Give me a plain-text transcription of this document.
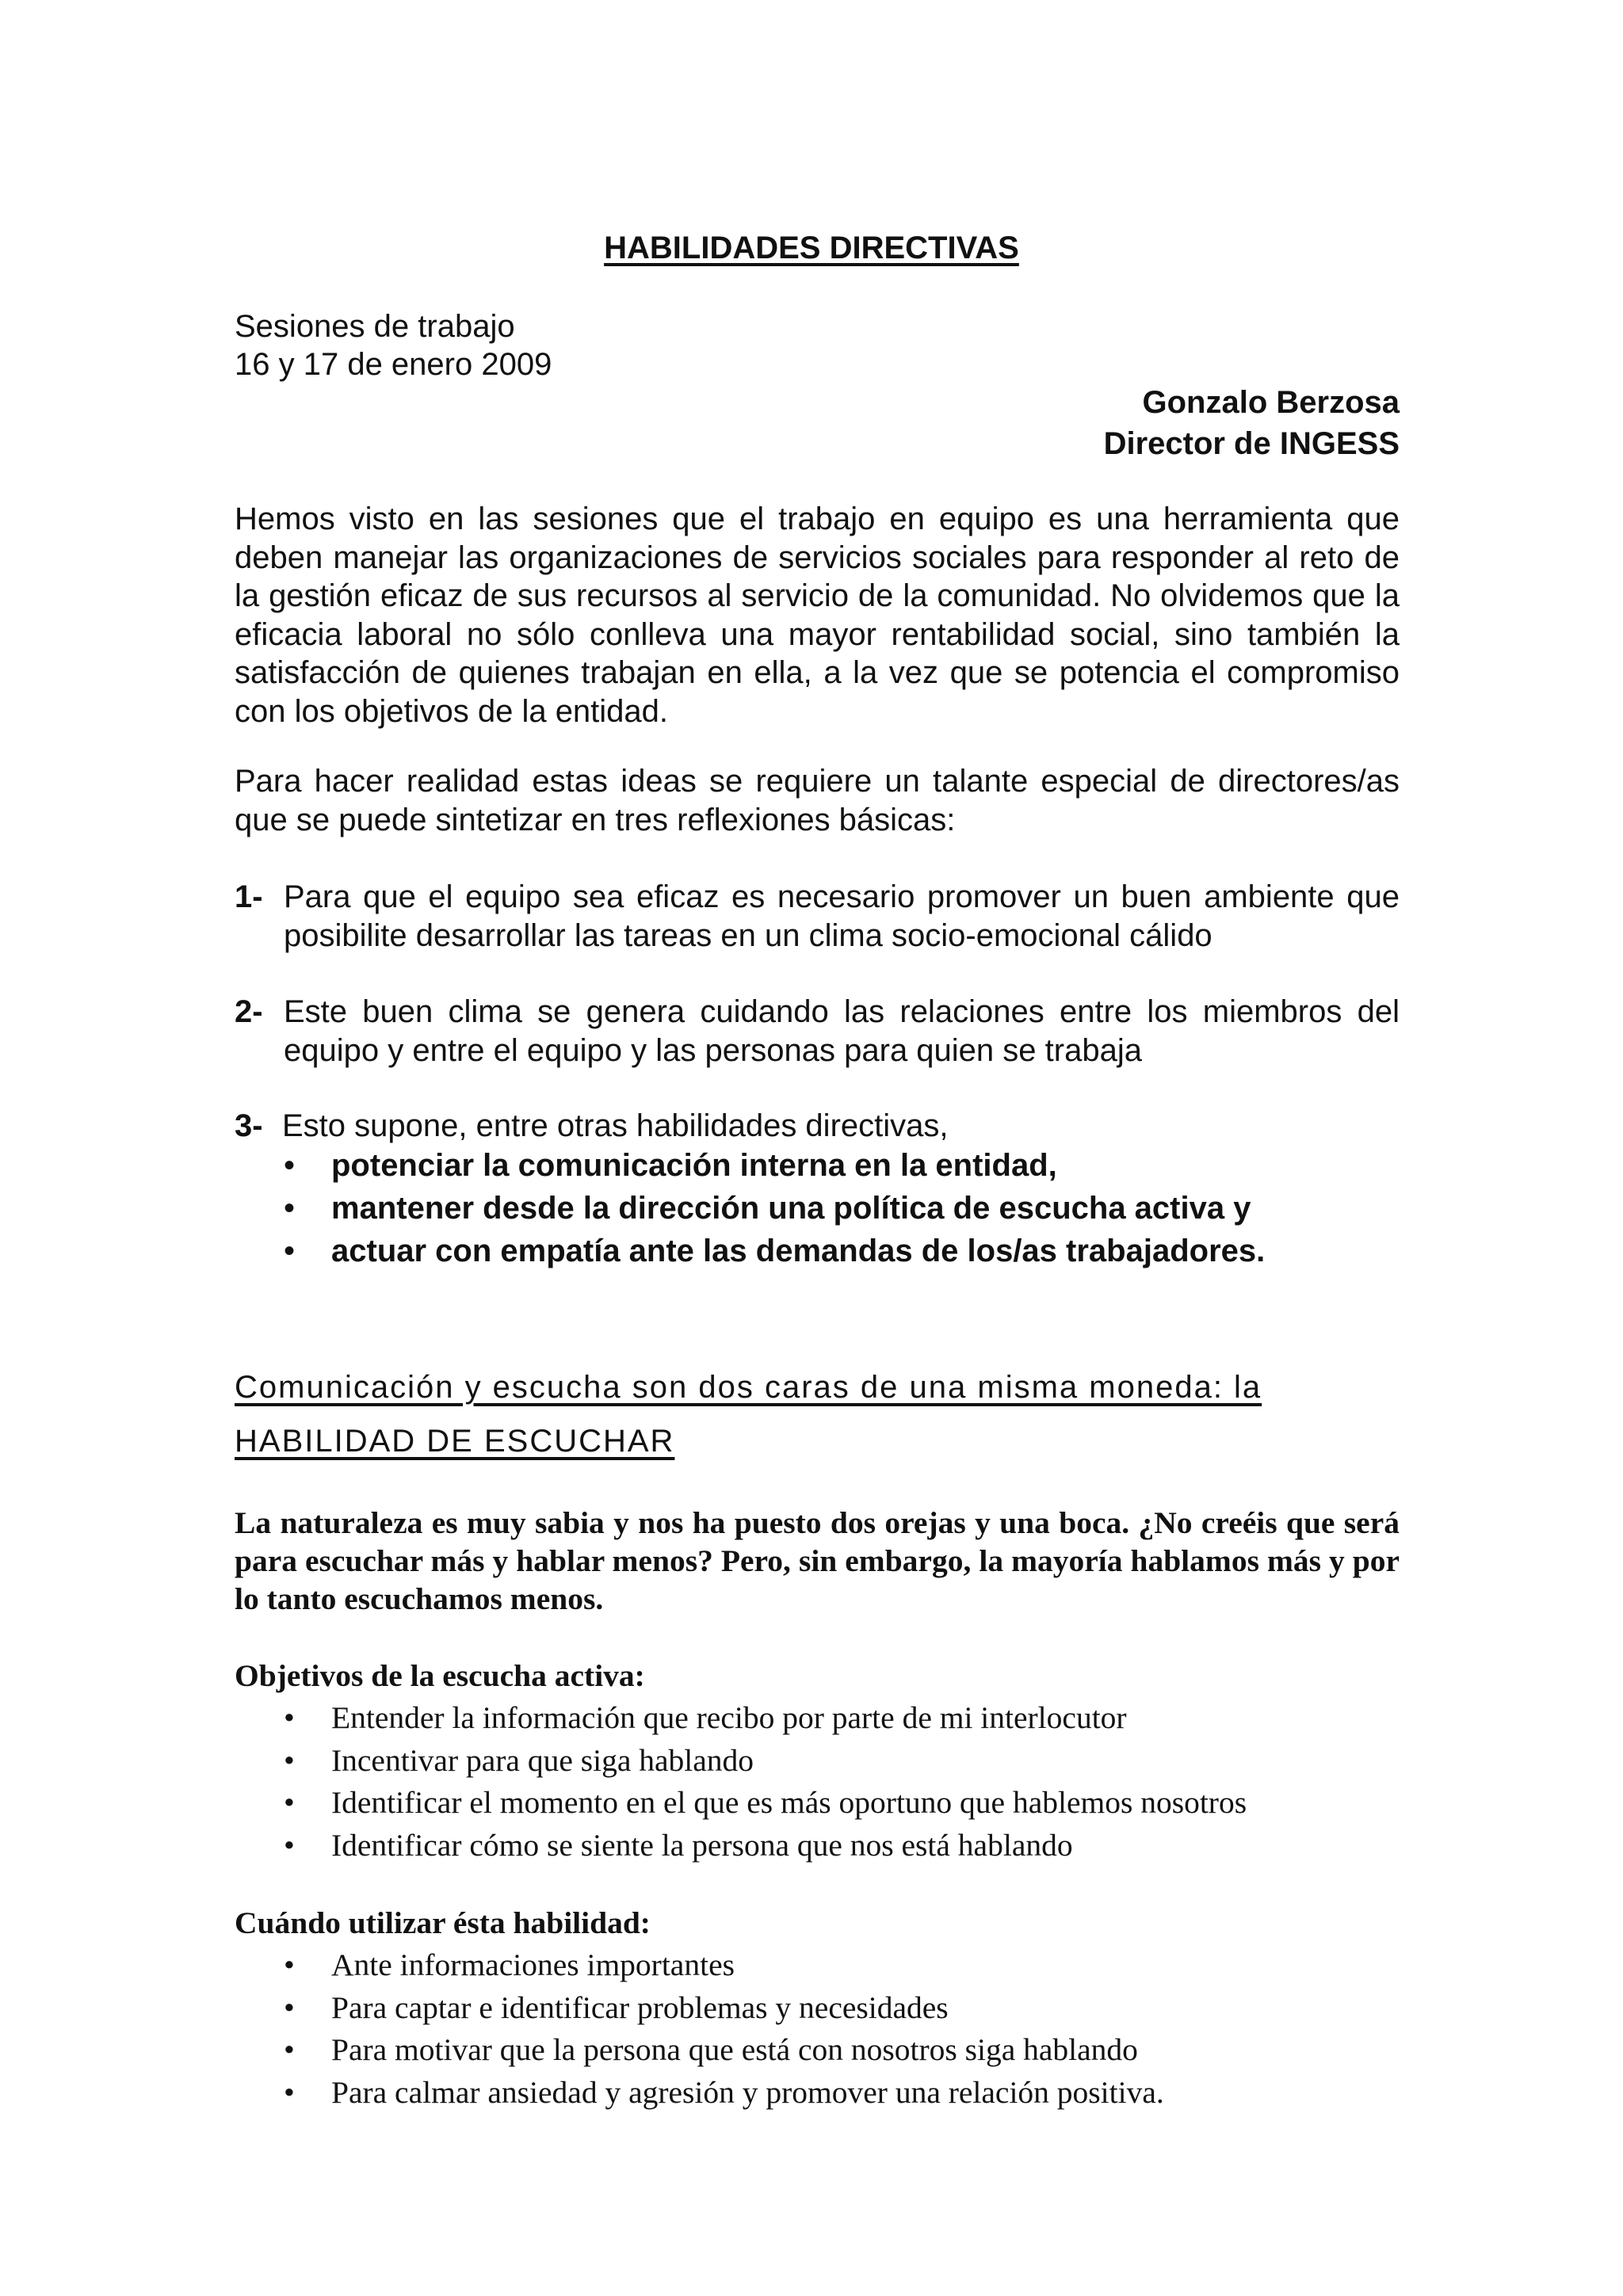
HABILIDADES DIRECTIVAS
Sesiones de trabajo
16 y 17 de enero 2009
Gonzalo Berzosa
Director de INGESS
Hemos visto en las sesiones que el trabajo en equipo es una herramienta que deben manejar las organizaciones de servicios sociales para responder al reto de la gestión eficaz de sus recursos al servicio de la comunidad. No olvidemos que la eficacia laboral no sólo conlleva una mayor rentabilidad social, sino también la satisfacción de quienes trabajan en ella, a la vez que se potencia el compromiso con los objetivos de la entidad.
Para hacer realidad estas ideas se requiere un talante especial de directores/as que se puede sintetizar en tres reflexiones básicas:
1- Para que el equipo sea eficaz es necesario promover un buen ambiente que posibilite desarrollar las tareas en un clima socio-emocional cálido
2- Este buen clima se genera cuidando las relaciones entre los miembros del equipo y entre el equipo y las personas para quien se trabaja
3- Esto supone, entre otras habilidades directivas,
• potenciar la comunicación interna en la entidad,
• mantener desde la dirección una política de escucha activa y
• actuar con empatía ante las demandas de los/as trabajadores.
Comunicación y escucha son dos caras de una misma moneda: la
HABILIDAD DE ESCUCHAR
La naturaleza es muy sabia y nos ha puesto dos orejas y una boca. ¿No creéis que será para escuchar más y hablar menos? Pero, sin embargo, la mayoría hablamos más y por lo tanto escuchamos menos.
Objetivos de la escucha activa:
• Entender la información que recibo por parte de mi interlocutor
• Incentivar para que siga hablando
• Identificar el momento en el que es más oportuno que hablemos nosotros
• Identificar cómo se siente la persona que nos está hablando
Cuándo utilizar ésta habilidad:
• Ante informaciones importantes
• Para captar e identificar problemas y necesidades
• Para motivar que la persona que está con nosotros siga hablando
• Para calmar ansiedad y agresión y promover una relación positiva.
